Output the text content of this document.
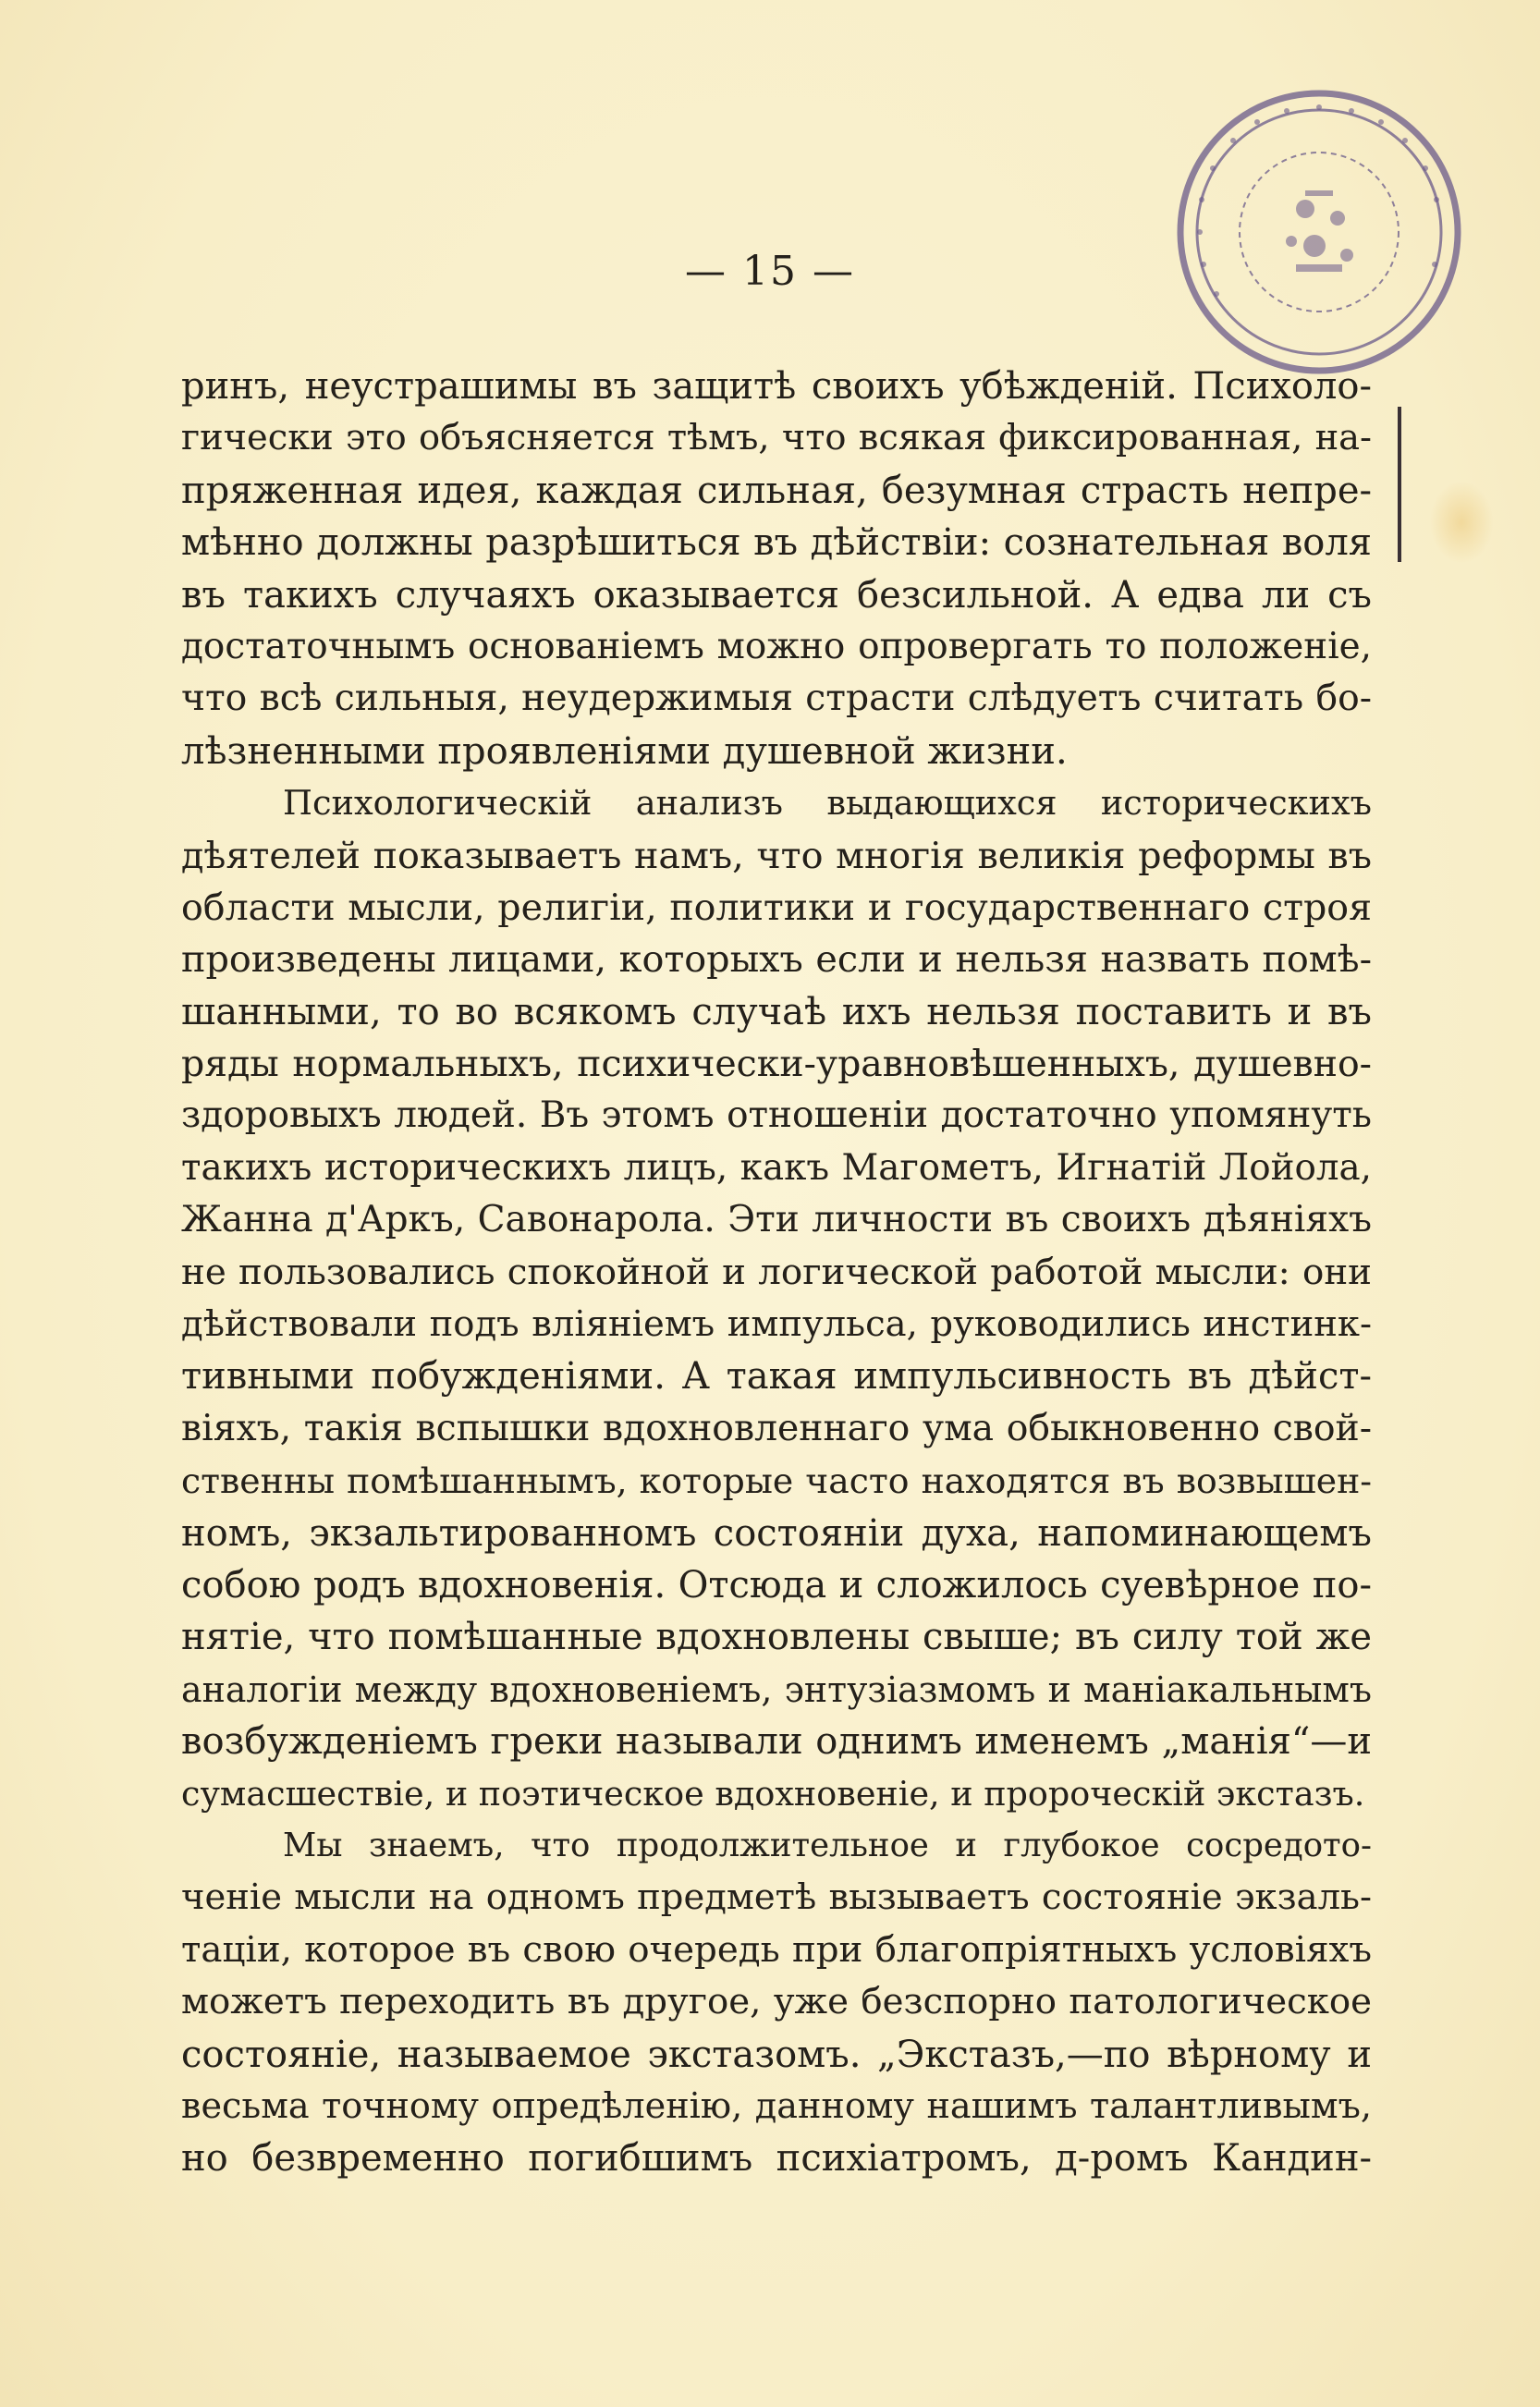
— 15 —
ринъ, неустрашимы въ защитѣ своихъ убѣжденій. Психоло-
гически это объясняется тѣмъ, что всякая фиксированная, на-
пряженная идея, каждая сильная, безумная страсть непре-
мѣнно должны разрѣшиться въ дѣйствіи: сознательная воля
въ такихъ случаяхъ оказывается безсильной. А едва ли съ
достаточнымъ основаніемъ можно опровергать то положеніе,
что всѣ сильныя, неудержимыя страсти слѣдуетъ считать бо-
лѣзненными проявленіями душевной жизни.
Психологическій анализъ выдающихся историческихъ
дѣятелей показываетъ намъ, что многія великія реформы въ
области мысли, религіи, политики и государственнаго строя
произведены лицами, которыхъ если и нельзя назвать помѣ-
шанными, то во всякомъ случаѣ ихъ нельзя поставить и въ
ряды нормальныхъ, психически-уравновѣшенныхъ, душевно-
здоровыхъ людей. Въ этомъ отношеніи достаточно упомянуть
такихъ историческихъ лицъ, какъ Магометъ, Игнатій Лойола,
Жанна д'Аркъ, Савонарола. Эти личности въ своихъ дѣяніяхъ
не пользовались спокойной и логической работой мысли: они
дѣйствовали подъ вліяніемъ импульса, руководились инстинк-
тивными побужденіями. А такая импульсивность въ дѣйст-
віяхъ, такія вспышки вдохновленнаго ума обыкновенно свой-
ственны помѣшаннымъ, которые часто находятся въ возвышен-
номъ, экзальтированномъ состояніи духа, напоминающемъ
собою родъ вдохновенія. Отсюда и сложилось суевѣрное по-
нятіе, что помѣшанные вдохновлены свыше; въ силу той же
аналогіи между вдохновеніемъ, энтузіазмомъ и маніакальнымъ
возбужденіемъ греки называли однимъ именемъ „манія“—и
сумасшествіе, и поэтическое вдохновеніе, и пророческій экстазъ.
Мы знаемъ, что продолжительное и глубокое сосредото-
ченіе мысли на одномъ предметѣ вызываетъ состояніе экзаль-
таціи, которое въ свою очередь при благопріятныхъ условіяхъ
можетъ переходить въ другое, уже безспорно патологическое
состояніе, называемое экстазомъ. „Экстазъ,—по вѣрному и
весьма точному опредѣленію, данному нашимъ талантливымъ,
но безвременно погибшимъ психіатромъ, д-ромъ Кандин-
